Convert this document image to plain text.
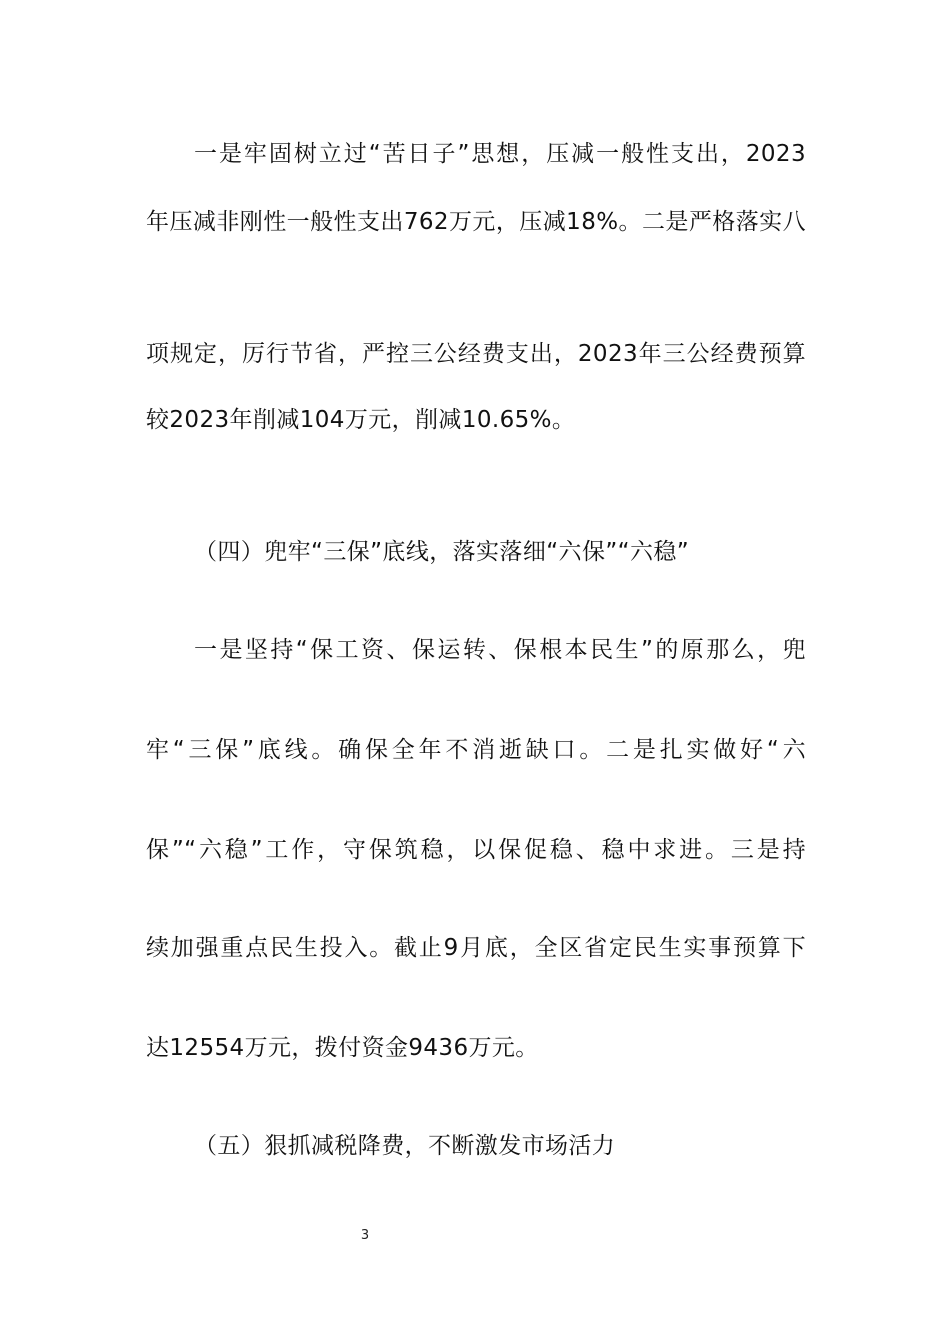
一是牢固树立过“苦日子”思想，压减一般性支出，2023
年压减非刚性一般性支出762万元，压减18%。二是严格落实八
项规定，厉行节省，严控三公经费支出，2023年三公经费预算
较2023年削减104万元，削减10.65%。
（四）兜牢“三保”底线，落实落细“六保”“六稳”
一是坚持“保工资、保运转、保根本民生”的原那么，兜
牢“三保”底线。确保全年不消逝缺口。二是扎实做好“六
保”“六稳”工作，守保筑稳，以保促稳、稳中求进。三是持
续加强重点民生投入。截止9月底，全区省定民生实事预算下
达12554万元，拨付资金9436万元。
（五）狠抓减税降费，不断激发市场活力
3
